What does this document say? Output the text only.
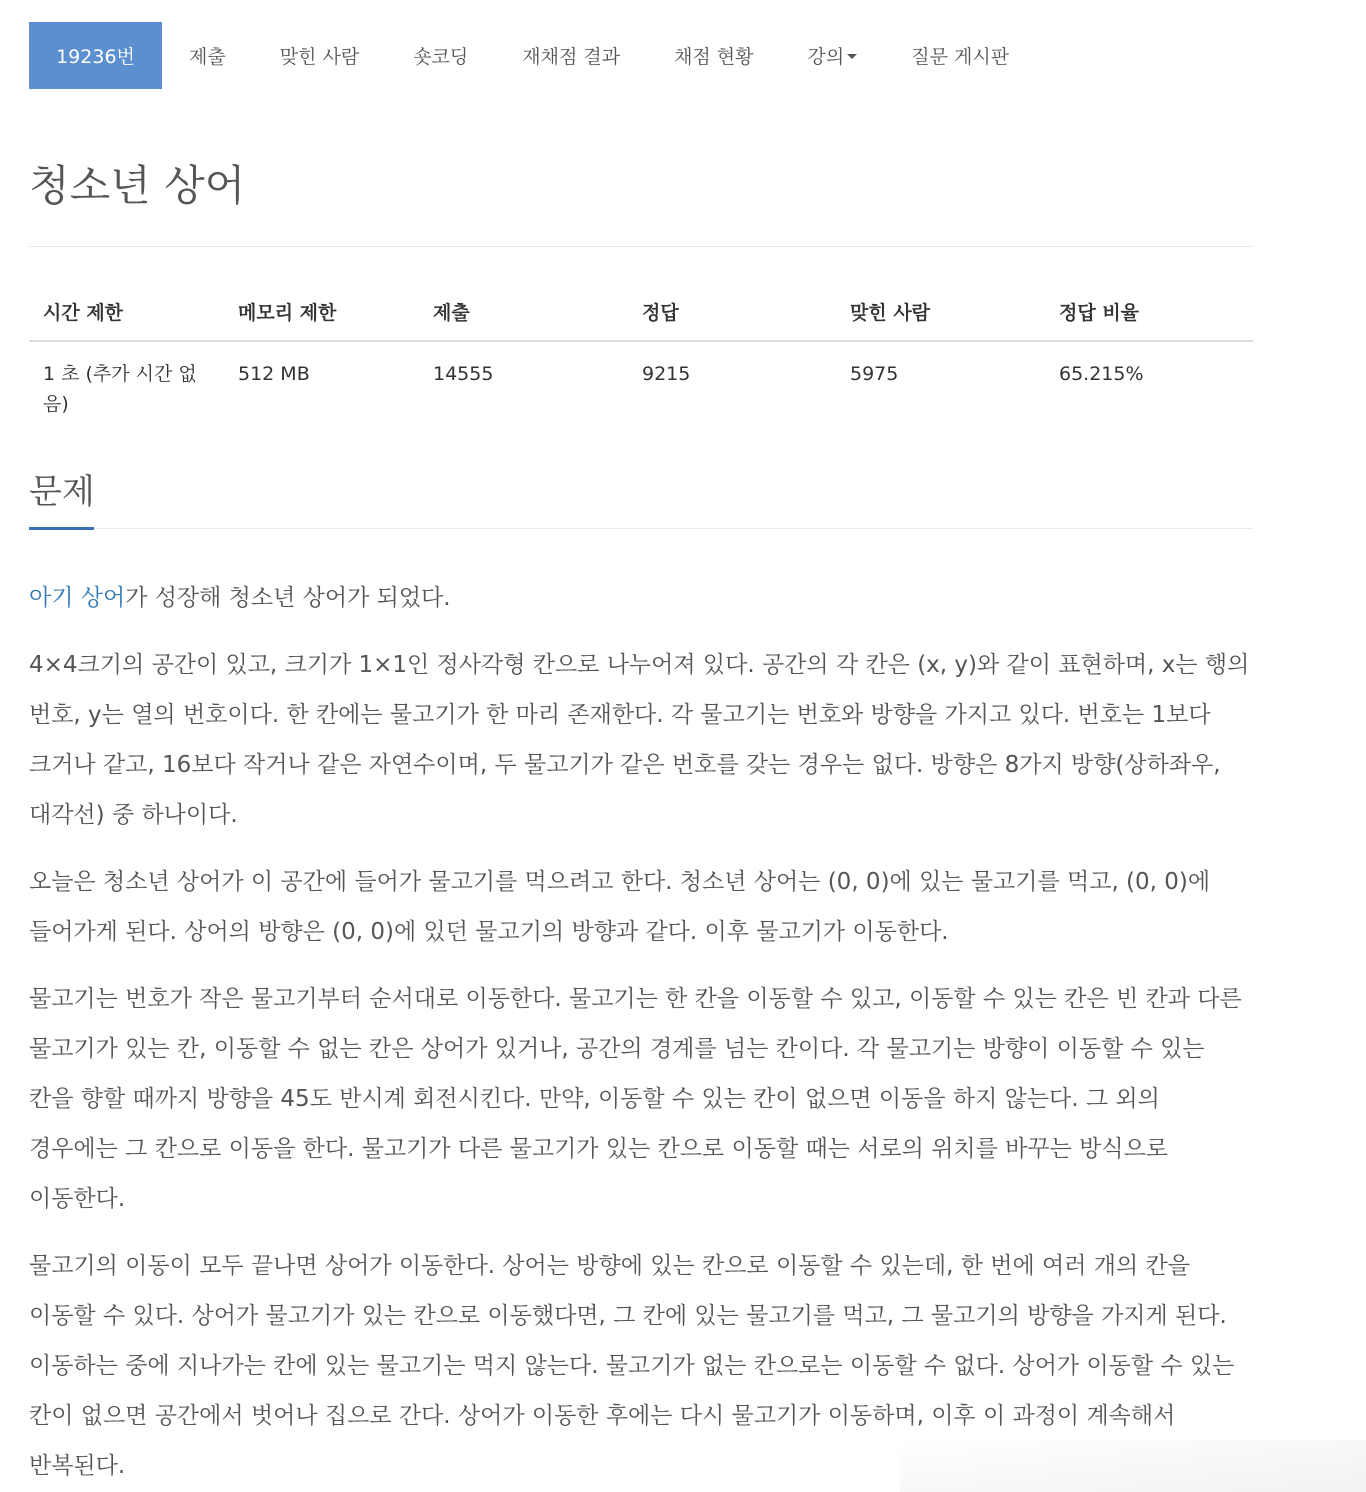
19236번	제출	맞힌 사람	숏코딩	재채점 결과	채점 현황	강의	질문 게시판
청소년 상어
시간 제한	메모리 제한	제출	정답	맞힌 사람	정답 비율
1 초 (추가 시간 없음)	512 MB	14555	9215	5975	65.215%
문제

아기 상어가 성장해 청소년 상어가 되었다.

4×4크기의 공간이 있고, 크기가 1×1인 정사각형 칸으로 나누어져 있다. 공간의 각 칸은 (x, y)와 같이 표현하며, x는 행의 번호, y는 열의 번호이다. 한 칸에는 물고기가 한 마리 존재한다. 각 물고기는 번호와 방향을 가지고 있다. 번호는 1보다 크거나 같고, 16보다 작거나 같은 자연수이며, 두 물고기가 같은 번호를 갖는 경우는 없다. 방향은 8가지 방향(상하좌우, 대각선) 중 하나이다.

오늘은 청소년 상어가 이 공간에 들어가 물고기를 먹으려고 한다. 청소년 상어는 (0, 0)에 있는 물고기를 먹고, (0, 0)에 들어가게 된다. 상어의 방향은 (0, 0)에 있던 물고기의 방향과 같다. 이후 물고기가 이동한다.

물고기는 번호가 작은 물고기부터 순서대로 이동한다. 물고기는 한 칸을 이동할 수 있고, 이동할 수 있는 칸은 빈 칸과 다른 물고기가 있는 칸, 이동할 수 없는 칸은 상어가 있거나, 공간의 경계를 넘는 칸이다. 각 물고기는 방향이 이동할 수 있는 칸을 향할 때까지 방향을 45도 반시계 회전시킨다. 만약, 이동할 수 있는 칸이 없으면 이동을 하지 않는다. 그 외의 경우에는 그 칸으로 이동을 한다. 물고기가 다른 물고기가 있는 칸으로 이동할 때는 서로의 위치를 바꾸는 방식으로 이동한다.

물고기의 이동이 모두 끝나면 상어가 이동한다. 상어는 방향에 있는 칸으로 이동할 수 있는데, 한 번에 여러 개의 칸을 이동할 수 있다. 상어가 물고기가 있는 칸으로 이동했다면, 그 칸에 있는 물고기를 먹고, 그 물고기의 방향을 가지게 된다. 이동하는 중에 지나가는 칸에 있는 물고기는 먹지 않는다. 물고기가 없는 칸으로는 이동할 수 없다. 상어가 이동할 수 있는 칸이 없으면 공간에서 벗어나 집으로 간다. 상어가 이동한 후에는 다시 물고기가 이동하며, 이후 이 과정이 계속해서 반복된다.
